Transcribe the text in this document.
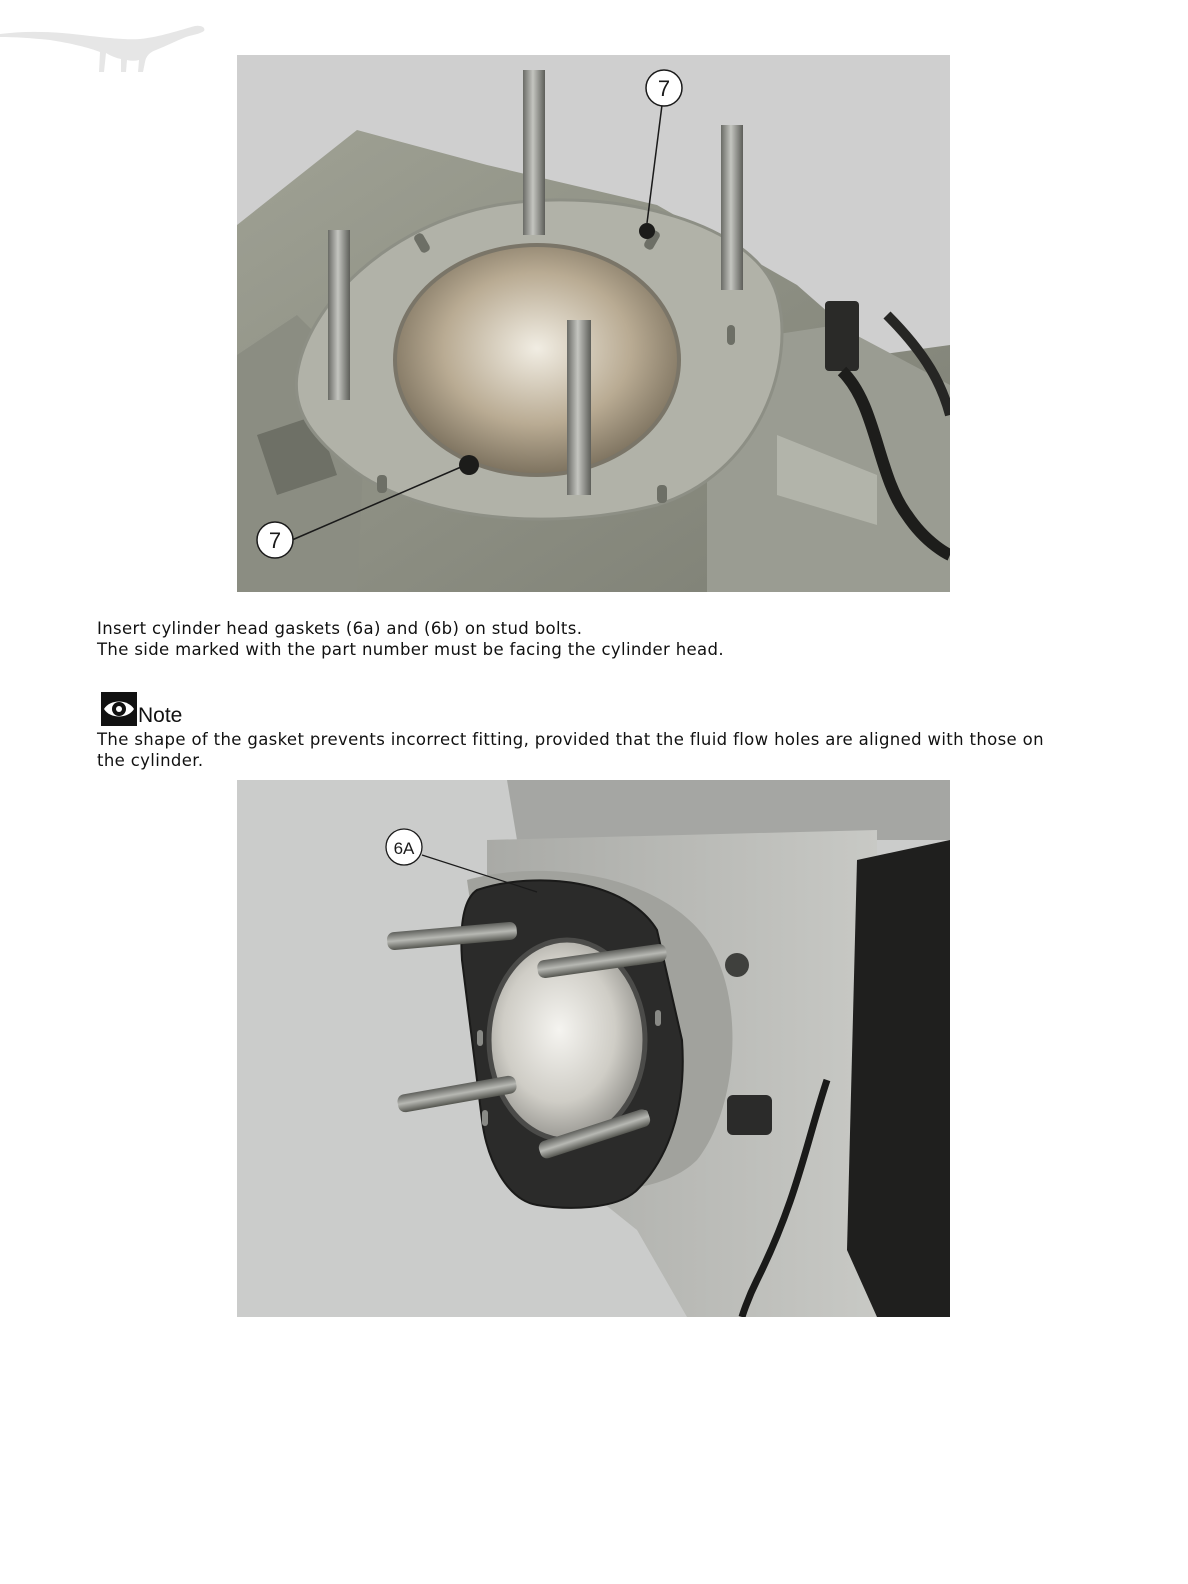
7
7
Insert cylinder head gaskets (6a) and (6b) on stud bolts.
The side marked with the part number must be facing the cylinder head.
Note
The shape of the gasket prevents incorrect fitting, provided that the fluid flow holes are aligned with those on the cylinder.
6A
